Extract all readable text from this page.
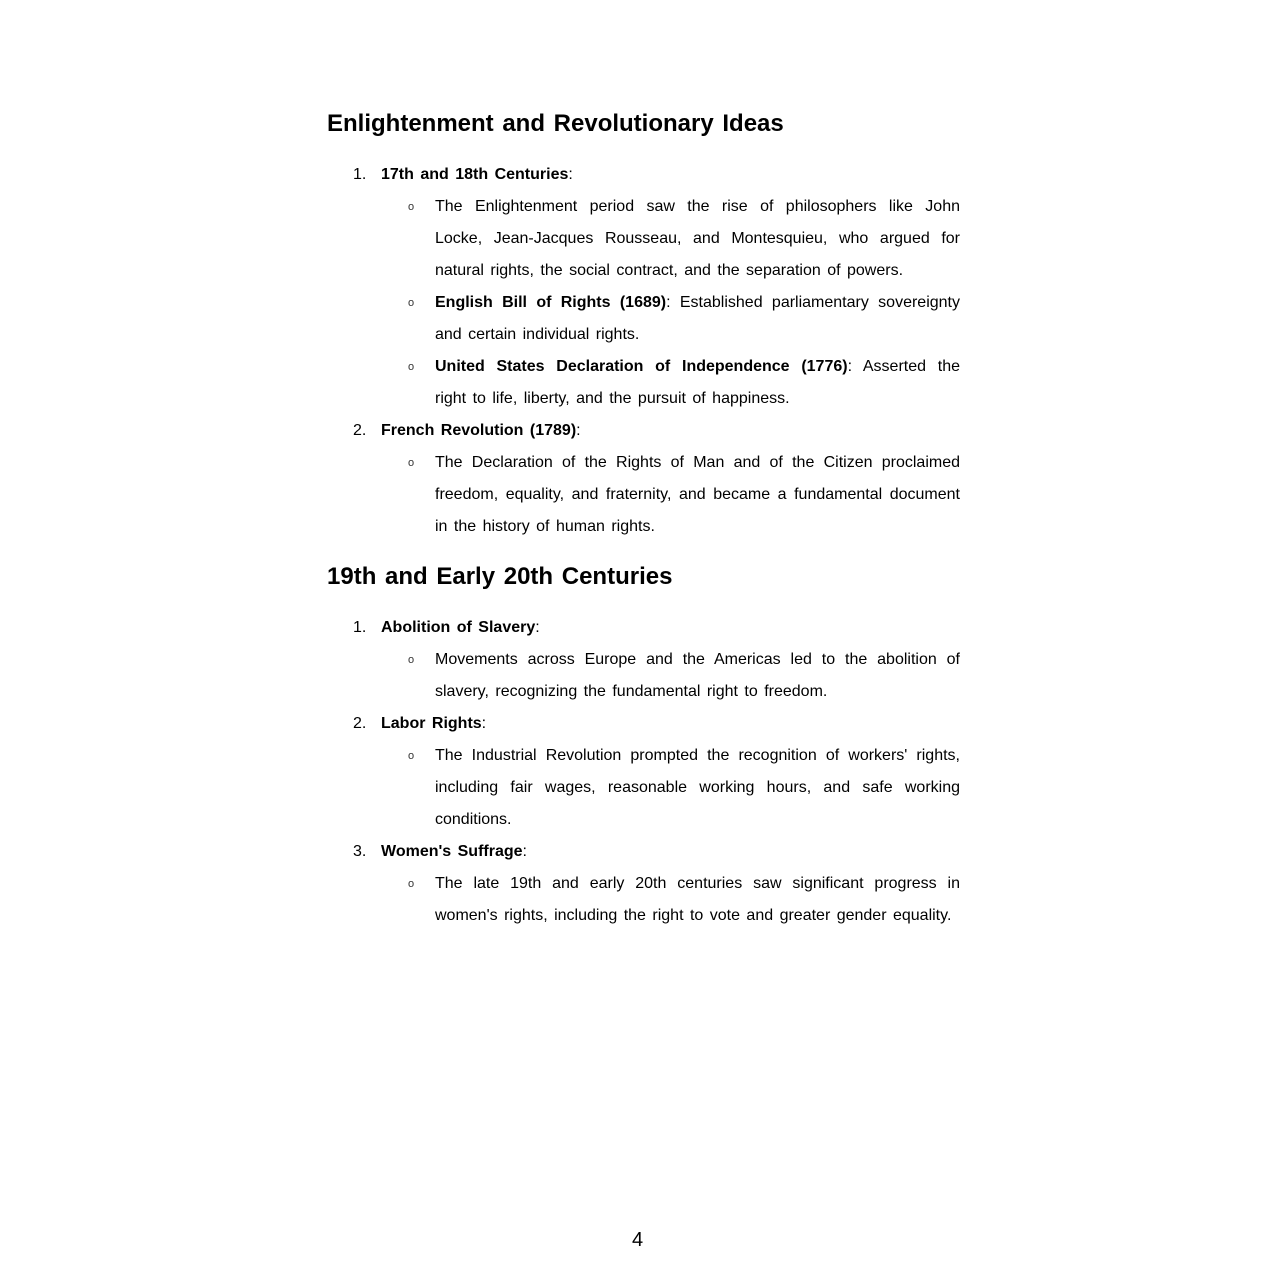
Enlightenment and Revolutionary Ideas
1. 17th and 18th Centuries:
o The Enlightenment period saw the rise of philosophers like John Locke, Jean-Jacques Rousseau, and Montesquieu, who argued for natural rights, the social contract, and the separation of powers.
o English Bill of Rights (1689): Established parliamentary sovereignty and certain individual rights.
o United States Declaration of Independence (1776): Asserted the right to life, liberty, and the pursuit of happiness.
2. French Revolution (1789):
o The Declaration of the Rights of Man and of the Citizen proclaimed freedom, equality, and fraternity, and became a fundamental document in the history of human rights.
19th and Early 20th Centuries
1. Abolition of Slavery:
o Movements across Europe and the Americas led to the abolition of slavery, recognizing the fundamental right to freedom.
2. Labor Rights:
o The Industrial Revolution prompted the recognition of workers' rights, including fair wages, reasonable working hours, and safe working conditions.
3. Women's Suffrage:
o The late 19th and early 20th centuries saw significant progress in women's rights, including the right to vote and greater gender equality.
4
